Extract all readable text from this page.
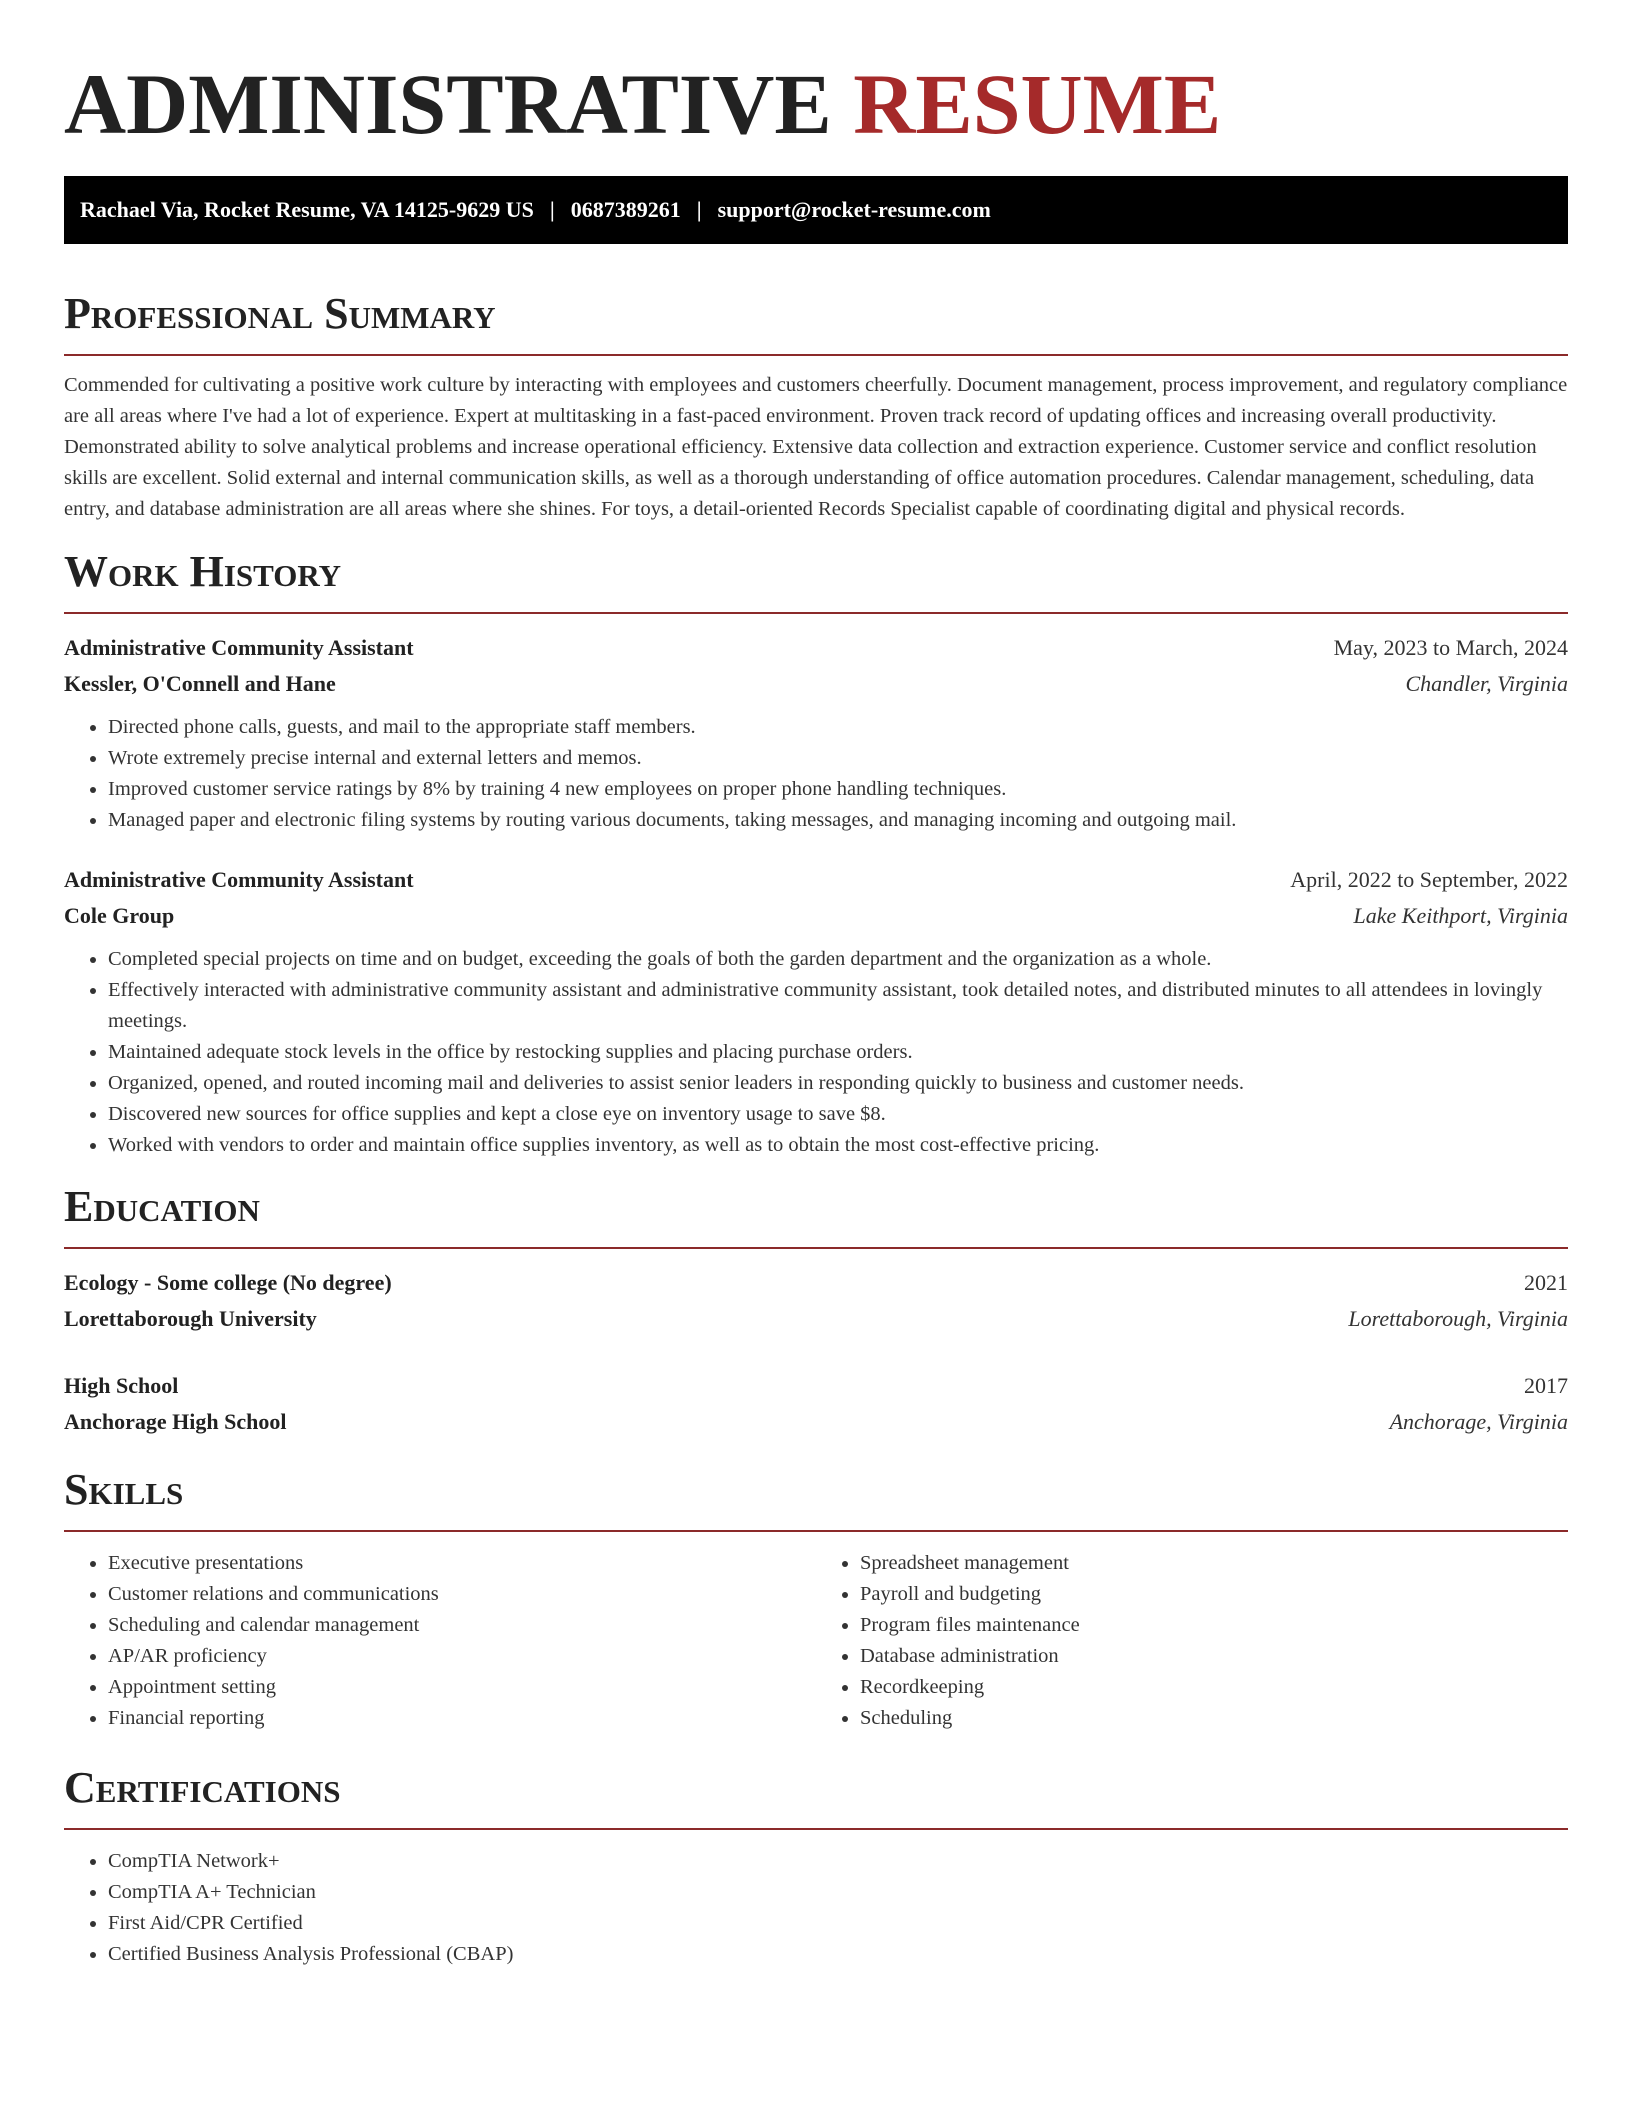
ADMINISTRATIVE RESUME
Rachael Via, Rocket Resume, VA 14125-9629 US | 0687389261 | support@rocket-resume.com
Professional Summary

Commended for cultivating a positive work culture by interacting with employees and customers cheerfully. Document management, process improvement, and regulatory compliance are all areas where I've had a lot of experience. Expert at multitasking in a fast-paced environment. Proven track record of updating offices and increasing overall productivity. Demonstrated ability to solve analytical problems and increase operational efficiency. Extensive data collection and extraction experience. Customer service and conflict resolution skills are excellent. Solid external and internal communication skills, as well as a thorough understanding of office automation procedures. Calendar management, scheduling, data entry, and database administration are all areas where she shines. For toys, a detail-oriented Records Specialist capable of coordinating digital and physical records.

Work History
Administrative Community Assistant	May, 2023 to March, 2024
Kessler, O'Connell and Hane	Chandler, Virginia
• Directed phone calls, guests, and mail to the appropriate staff members.
• Wrote extremely precise internal and external letters and memos.
• Improved customer service ratings by 8% by training 4 new employees on proper phone handling techniques.
• Managed paper and electronic filing systems by routing various documents, taking messages, and managing incoming and outgoing mail.
Administrative Community Assistant	April, 2022 to September, 2022
Cole Group	Lake Keithport, Virginia
• Completed special projects on time and on budget, exceeding the goals of both the garden department and the organization as a whole.
• Effectively interacted with administrative community assistant and administrative community assistant, took detailed notes, and distributed minutes to all attendees in lovingly meetings.
• Maintained adequate stock levels in the office by restocking supplies and placing purchase orders.
• Organized, opened, and routed incoming mail and deliveries to assist senior leaders in responding quickly to business and customer needs.
• Discovered new sources for office supplies and kept a close eye on inventory usage to save $8.
• Worked with vendors to order and maintain office supplies inventory, as well as to obtain the most cost-effective pricing.
Education
Ecology - Some college (No degree)	2021
Lorettaborough University	Lorettaborough, Virginia
High School	2017
Anchorage High School	Anchorage, Virginia
Skills
• Executive presentations
• Customer relations and communications
• Scheduling and calendar management
• AP/AR proficiency
• Appointment setting
• Financial reporting
• Spreadsheet management
• Payroll and budgeting
• Program files maintenance
• Database administration
• Recordkeeping
• Scheduling
Certifications
• CompTIA Network+
• CompTIA A+ Technician
• First Aid/CPR Certified
• Certified Business Analysis Professional (CBAP)
